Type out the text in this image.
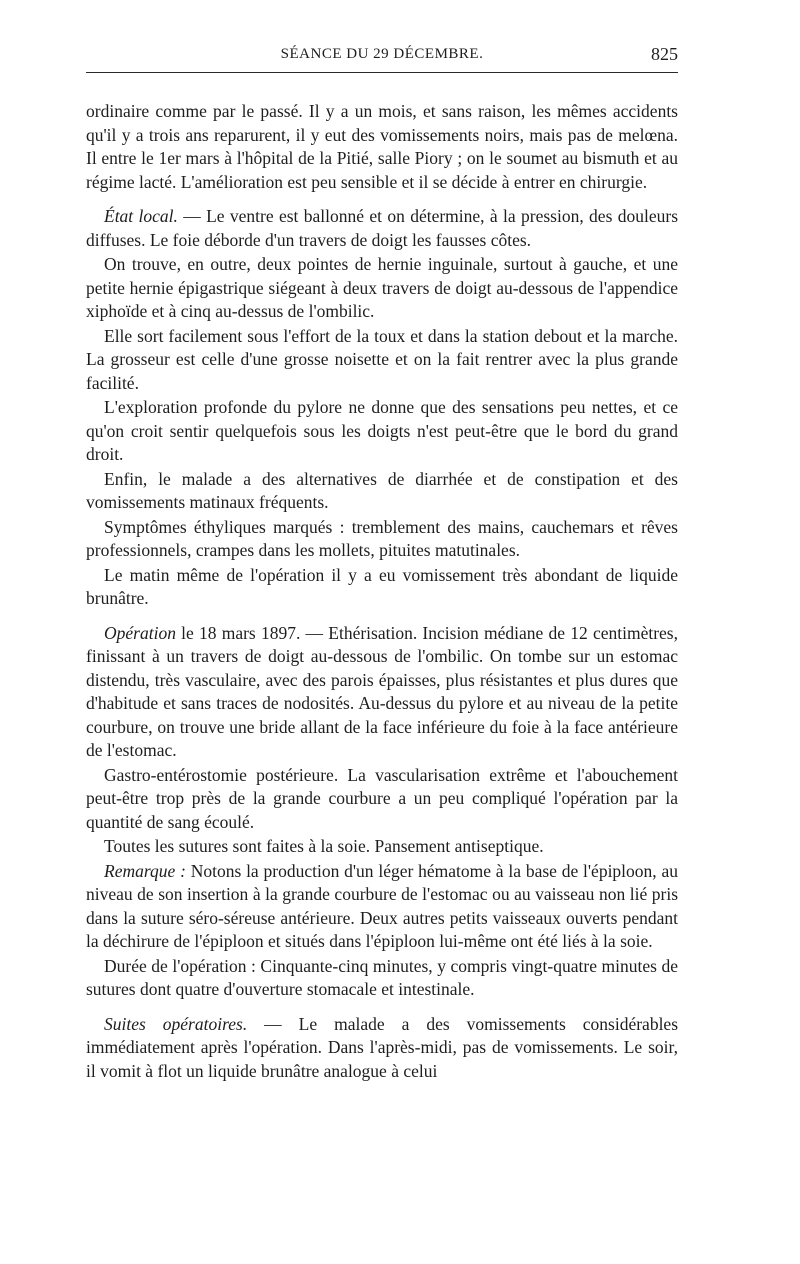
SÉANCE DU 29 DÉCEMBRE.	825

ordinaire comme par le passé. Il y a un mois, et sans raison, les mêmes accidents qu'il y a trois ans reparurent, il y eut des vomissements noirs, mais pas de melœna. Il entre le 1er mars à l'hôpital de la Pitié, salle Piory ; on le soumet au bismuth et au régime lacté. L'amélioration est peu sensible et il se décide à entrer en chirurgie.

État local. — Le ventre est ballonné et on détermine, à la pression, des douleurs diffuses. Le foie déborde d'un travers de doigt les fausses côtes.

On trouve, en outre, deux pointes de hernie inguinale, surtout à gauche, et une petite hernie épigastrique siégeant à deux travers de doigt au-dessous de l'appendice xiphoïde et à cinq au-dessus de l'ombilic.

Elle sort facilement sous l'effort de la toux et dans la station debout et la marche. La grosseur est celle d'une grosse noisette et on la fait rentrer avec la plus grande facilité.

L'exploration profonde du pylore ne donne que des sensations peu nettes, et ce qu'on croit sentir quelquefois sous les doigts n'est peut-être que le bord du grand droit.

Enfin, le malade a des alternatives de diarrhée et de constipation et des vomissements matinaux fréquents.

Symptômes éthyliques marqués : tremblement des mains, cauchemars et rêves professionnels, crampes dans les mollets, pituites matutinales.

Le matin même de l'opération il y a eu vomissement très abondant de liquide brunâtre.

Opération le 18 mars 1897. — Ethérisation. Incision médiane de 12 centimètres, finissant à un travers de doigt au-dessous de l'ombilic. On tombe sur un estomac distendu, très vasculaire, avec des parois épaisses, plus résistantes et plus dures que d'habitude et sans traces de nodosités. Au-dessus du pylore et au niveau de la petite courbure, on trouve une bride allant de la face inférieure du foie à la face antérieure de l'estomac.

Gastro-entérostomie postérieure. La vascularisation extrême et l'abouchement peut-être trop près de la grande courbure a un peu compliqué l'opération par la quantité de sang écoulé.

Toutes les sutures sont faites à la soie. Pansement antiseptique.

Remarque : Notons la production d'un léger hématome à la base de l'épiploon, au niveau de son insertion à la grande courbure de l'estomac ou au vaisseau non lié pris dans la suture séro-séreuse antérieure. Deux autres petits vaisseaux ouverts pendant la déchirure de l'épiploon et situés dans l'épiploon lui-même ont été liés à la soie.

Durée de l'opération : Cinquante-cinq minutes, y compris vingt-quatre minutes de sutures dont quatre d'ouverture stomacale et intestinale.

Suites opératoires. — Le malade a des vomissements considérables immédiatement après l'opération. Dans l'après-midi, pas de vomissements. Le soir, il vomit à flot un liquide brunâtre analogue à celui
